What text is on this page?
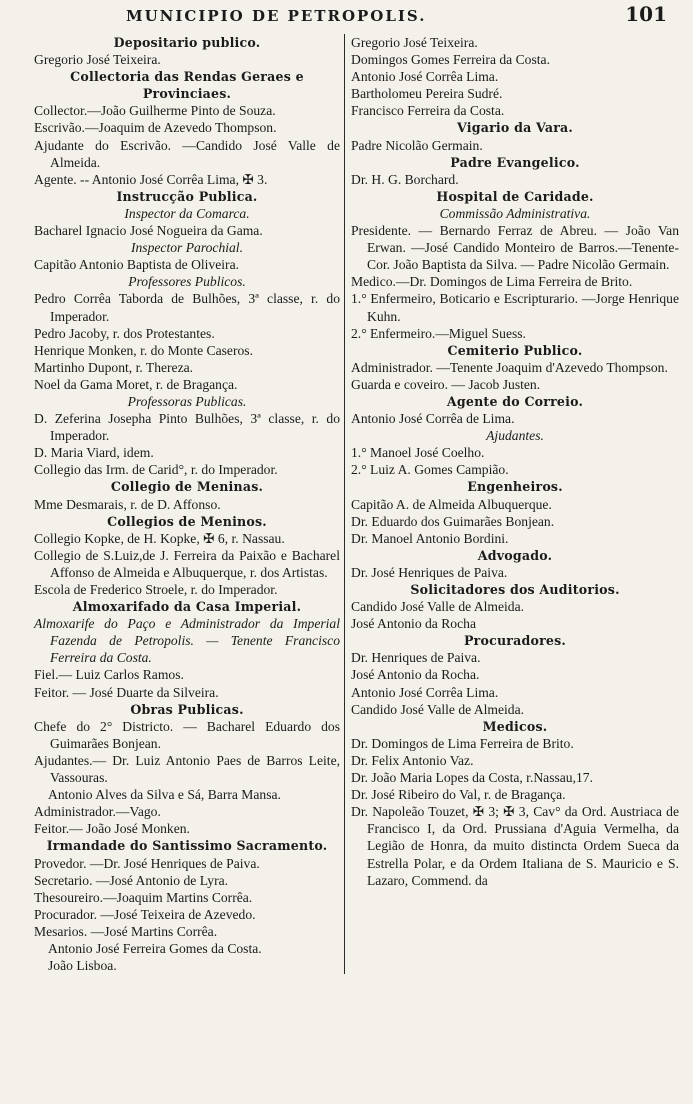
MUNICIPIO DE PETROPOLIS.	101
Depositario publico.
Gregorio José Teixeira.
Collectoria das Rendas Geraes e Provinciaes.
Collector.—João Guilherme Pinto de Souza.
Escrivão.—Joaquim de Azevedo Thompson.
Ajudante do Escrivão. —Candido José Valle de Almeida.
Agente. -- Antonio José Corrêa Lima, ✠ 3.
Instrucção Publica.
Inspector da Comarca.
Bacharel Ignacio José Nogueira da Gama.
Inspector Parochial.
Capitão Antonio Baptista de Oliveira.
Professores Publicos.
Pedro Corrêa Taborda de Bulhões, 3ª classe, r. do Imperador.
Pedro Jacoby, r. dos Protestantes.
Henrique Monken, r. do Monte Caseros.
Martinho Dupont, r. Thereza.
Noel da Gama Moret, r. de Bragança.
Professoras Publicas.
D. Zeferina Josepha Pinto Bulhões, 3ª classe, r. do Imperador.
D. Maria Viard, idem.
Collegio das Irm. de Carid°, r. do Imperador.
Collegio de Meninas.
Mme Desmarais, r. de D. Affonso.
Collegios de Meninos.
Collegio Kopke, de H. Kopke, ✠ 6, r. Nassau.
Collegio de S.Luiz,de J. Ferreira da Paixão e Bacharel Affonso de Almeida e Albuquerque, r. dos Artistas.
Escola de Frederico Stroele, r. do Imperador.
Almoxarifado da Casa Imperial.
Almoxarife do Paço e Administrador da Imperial Fazenda de Petropolis. — Tenente Francisco Ferreira da Costa.
Fiel.— Luiz Carlos Ramos.
Feitor. — José Duarte da Silveira.
Obras Publicas.
Chefe do 2° Districto. — Bacharel Eduardo dos Guimarães Bonjean.
Ajudantes.— Dr. Luiz Antonio Paes de Barros Leite, Vassouras.
Antonio Alves da Silva e Sá, Barra Mansa.
Administrador.—Vago.
Feitor.— João José Monken.
Irmandade do Santissimo Sacramento.
Provedor. —Dr. José Henriques de Paiva.
Secretario. —José Antonio de Lyra.
Thesoureiro.—Joaquim Martins Corrêa.
Procurador. —José Teixeira de Azevedo.
Mesarios. —José Martins Corrêa.
Antonio José Ferreira Gomes da Costa.
João Lisboa.
Gregorio José Teixeira.
Domingos Gomes Ferreira da Costa.
Antonio José Corrêa Lima.
Bartholomeu Pereira Sudré.
Francisco Ferreira da Costa.
Vigario da Vara.
Padre Nicolão Germain.
Padre Evangelico.
Dr. H. G. Borchard.
Hospital de Caridade.
Commissão Administrativa.
Presidente. — Bernardo Ferraz de Abreu. — João Van Erwan. —José Candido Monteiro de Barros.—Tenente-Cor. João Baptista da Silva. — Padre Nicolão Germain.
Medico.—Dr. Domingos de Lima Ferreira de Brito.
1.° Enfermeiro, Boticario e Escripturario. —Jorge Henrique Kuhn.
2.° Enfermeiro.—Miguel Suess.
Cemiterio Publico.
Administrador. —Tenente Joaquim d'Azevedo Thompson.
Guarda e coveiro. — Jacob Justen.
Agente do Correio.
Antonio José Corrêa de Lima.
Ajudantes.
1.° Manoel José Coelho.
2.° Luiz A. Gomes Campião.
Engenheiros.
Capitão A. de Almeida Albuquerque.
Dr. Eduardo dos Guimarães Bonjean.
Dr. Manoel Antonio Bordini.
Advogado.
Dr. José Henriques de Paiva.
Solicitadores dos Auditorios.
Candido José Valle de Almeida.
José Antonio da Rocha
Procuradores.
Dr. Henriques de Paiva.
José Antonio da Rocha.
Antonio José Corrêa Lima.
Candido José Valle de Almeida.
Medicos.
Dr. Domingos de Lima Ferreira de Brito.
Dr. Felix Antonio Vaz.
Dr. João Maria Lopes da Costa, r.Nassau,17.
Dr. José Ribeiro do Val, r. de Bragança.
Dr. Napoleão Touzet, ✠ 3; ✠ 3, Cav° da Ord. Austriaca de Francisco I, da Ord. Prussiana d'Aguia Vermelha, da Legião de Honra, da muito distincta Ordem Sueca da Estrella Polar, e da Ordem Italiana de S. Mauricio e S. Lazaro, Commend. da
